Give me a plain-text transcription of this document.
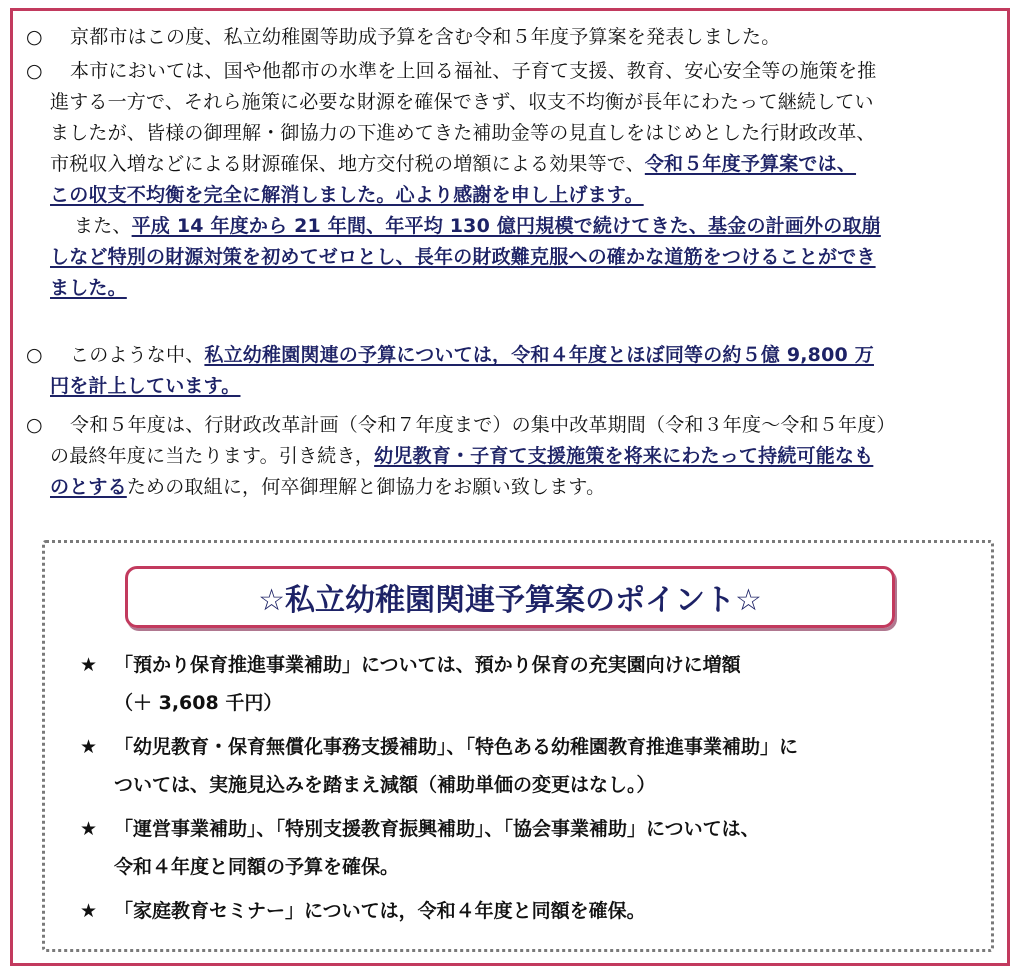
○ 京都市はこの度、私立幼稚園等助成予算を含む令和５年度予算案を発表しました。
○ 本市においては、国や他都市の水準を上回る福祉、子育て支援、教育、安心安全等の施策を推
進する一方で、それら施策に必要な財源を確保できず、収支不均衡が長年にわたって継続してい
ましたが、皆様の御理解・御協力の下進めてきた補助金等の見直しをはじめとした行財政改革、
市税収入増などによる財源確保、地方交付税の増額による効果等で、令和５年度予算案では、
この収支不均衡を完全に解消しました。心より感謝を申し上げます。
また、平成 14 年度から 21 年間、年平均 130 億円規模で続けてきた、基金の計画外の取崩
しなど特別の財源対策を初めてゼロとし、長年の財政難克服への確かな道筋をつけることができ
ました。
○ このような中、私立幼稚園関連の予算については，令和４年度とほぼ同等の約５億 9,800 万
円を計上しています。
○ 令和５年度は、行財政改革計画（令和７年度まで）の集中改革期間（令和３年度～令和５年度）
の最終年度に当たります。引き続き，幼児教育・子育て支援施策を将来にわたって持続可能なも
のとするための取組に，何卒御理解と御協力をお願い致します。
☆私立幼稚園関連予算案のポイント☆
★ 「預かり保育推進事業補助」については、預かり保育の充実園向けに増額
（＋ 3,608 千円）
★ 「幼児教育・保育無償化事務支援補助」、「特色ある幼稚園教育推進事業補助」に
ついては、実施見込みを踏まえ減額（補助単価の変更はなし。）
★ 「運営事業補助」、「特別支援教育振興補助」、「協会事業補助」については、
令和４年度と同額の予算を確保。
★ 「家庭教育セミナー」については，令和４年度と同額を確保。
